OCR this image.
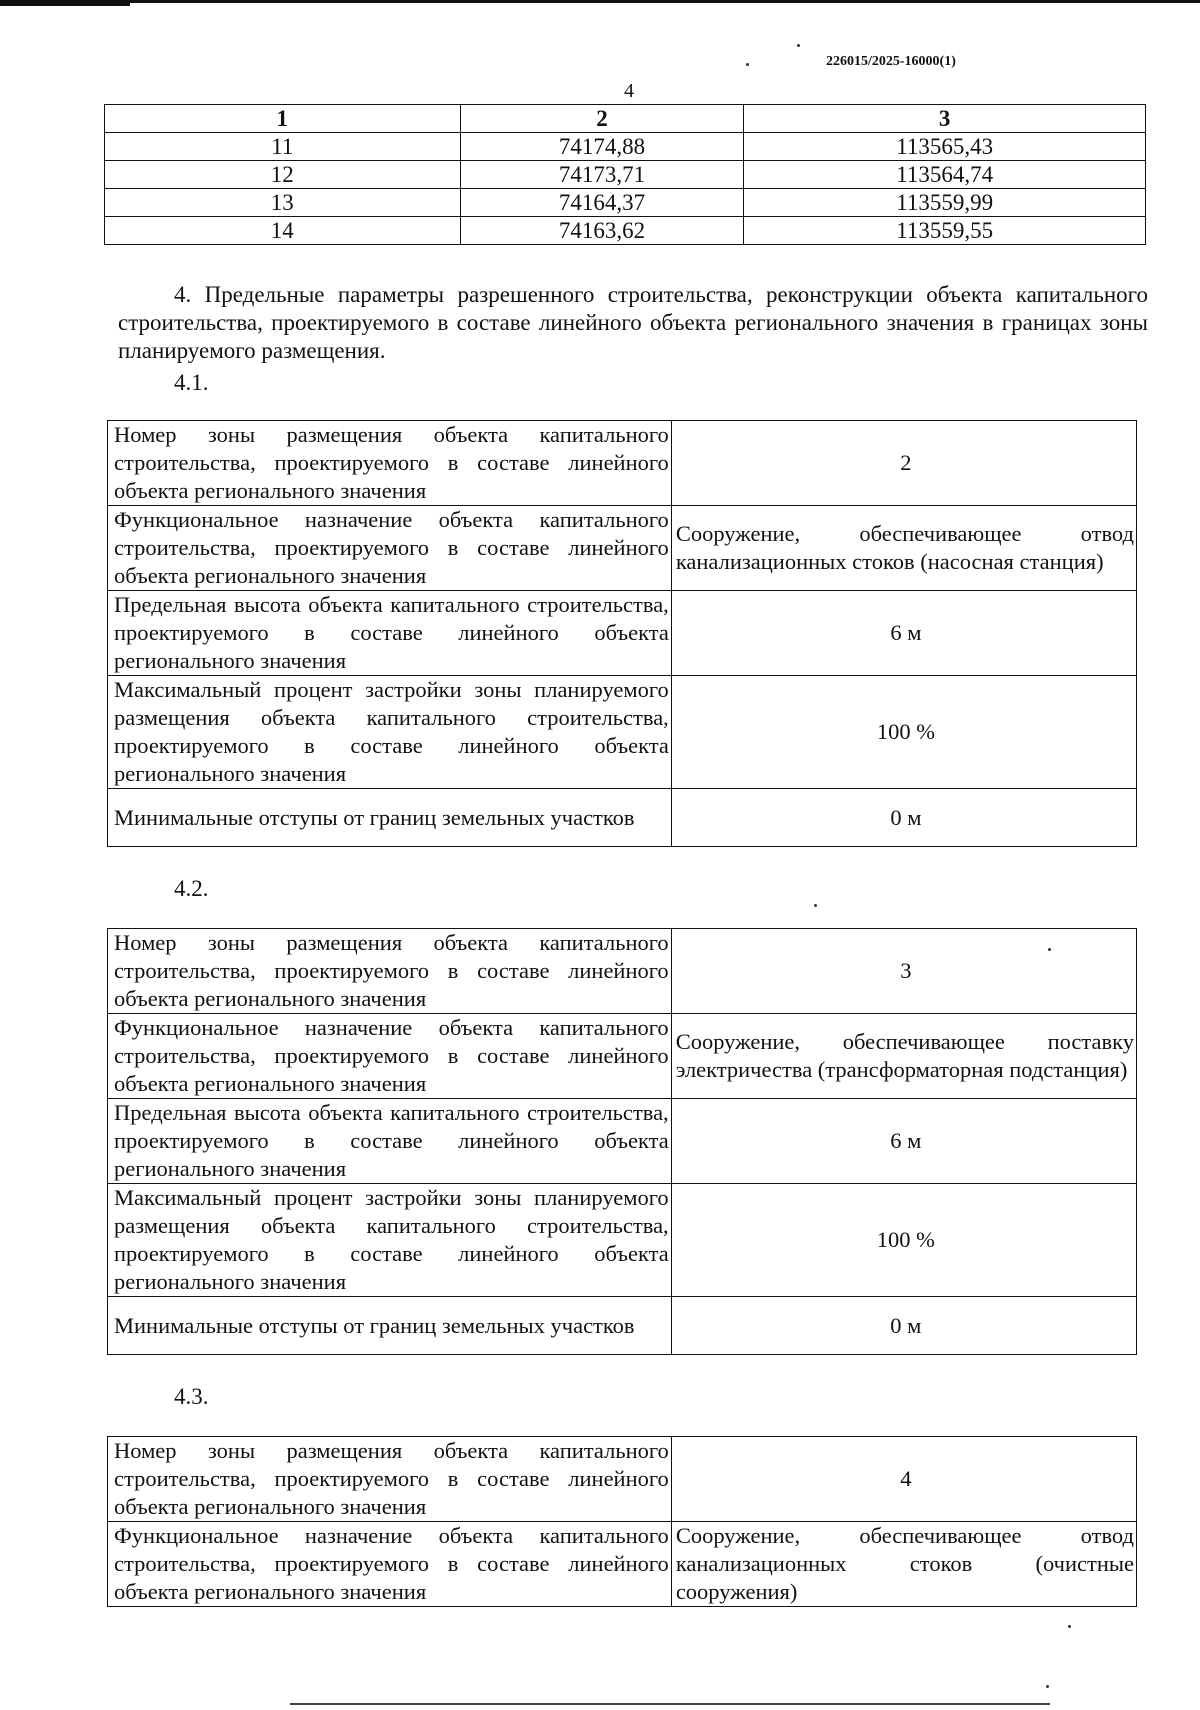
226015/2025-16000(1)
4
1	2	3
11	74174,88	113565,43
12	74173,71	113564,74
13	74164,37	113559,99
14	74163,62	113559,55

4. Предельные параметры разрешенного строительства, реконструкции объекта капитального строительства, проектируемого в составе линейного объекта регионального значения в границах зоны планируемого размещения.

4.1.
Номер зоны размещения объекта капитального строительства, проектируемого в составе линейного объекта регионального значения	2
Функциональное назначение объекта капитального строительства, проектируемого в составе линейного объекта регионального значения	Сооружение, обеспечивающее отвод канализационных стоков (насосная станция)
Предельная высота объекта капитального строительства, проектируемого в составе линейного объекта регионального значения	6 м
Максимальный процент застройки зоны планируемого размещения объекта капитального строительства, проектируемого в составе линейного объекта регионального значения	100 %
Минимальные отступы от границ земельных участков	0 м
4.2.
Номер зоны размещения объекта капитального строительства, проектируемого в составе линейного объекта регионального значения	3
Функциональное назначение объекта капитального строительства, проектируемого в составе линейного объекта регионального значения	Сооружение, обеспечивающее поставку электричества (трансформаторная подстанция)
Предельная высота объекта капитального строительства, проектируемого в составе линейного объекта регионального значения	6 м
Максимальный процент застройки зоны планируемого размещения объекта капитального строительства, проектируемого в составе линейного объекта регионального значения	100 %
Минимальные отступы от границ земельных участков	0 м
4.3.
Номер зоны размещения объекта капитального строительства, проектируемого в составе линейного объекта регионального значения	4
Функциональное назначение объекта капитального строительства, проектируемого в составе линейного объекта регионального значения	Сооружение, обеспечивающее отвод канализационных стоков (очистные сооружения)
